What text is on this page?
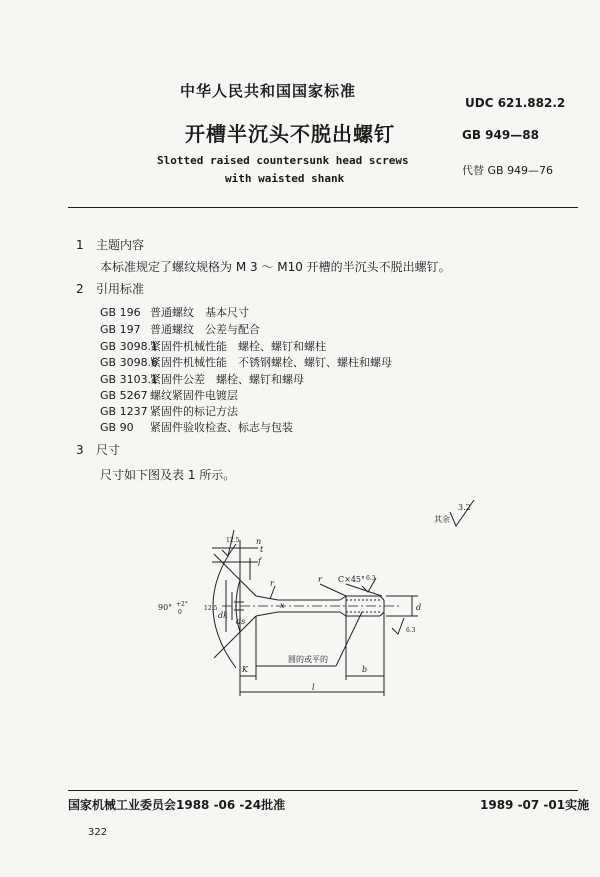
中华人民共和国国家标准
UDC 621.882.2
开槽半沉头不脱出螺钉	GB 949—88
Slotted raised countersunk head screws
with waisted shank
代替 GB 949—76
1 主题内容
本标准规定了螺纹规格为 M 3 ～ M10 开槽的半沉头不脱出螺钉。
2 引用标准
GB 196 普通螺纹　基本尺寸
GB 197 普通螺纹　公差与配合
GB 3098.1紧固件机械性能　螺栓、螺钉和螺柱
GB 3098.6紧固件机械性能　不锈钢螺栓、螺钉、螺柱和螺母
GB 3103.1紧固件公差　螺栓、螺钉和螺母
GB 5267 螺纹紧固件电镀层
GB 1237 紧固件的标记方法
GB 90 紧固件验收检查、标志与包装
3 尺寸
尺寸如下图及表 1 所示。
其余
3.2
12.5 n
t
f
r	r
x
C×45° 6.3
90° +2°
0
12.5
dk
ds
d
K	b
l
圆的或平的
6.3
国家机械工业委员会1988 -06 -24批准	1989 -07 -01实施
322
